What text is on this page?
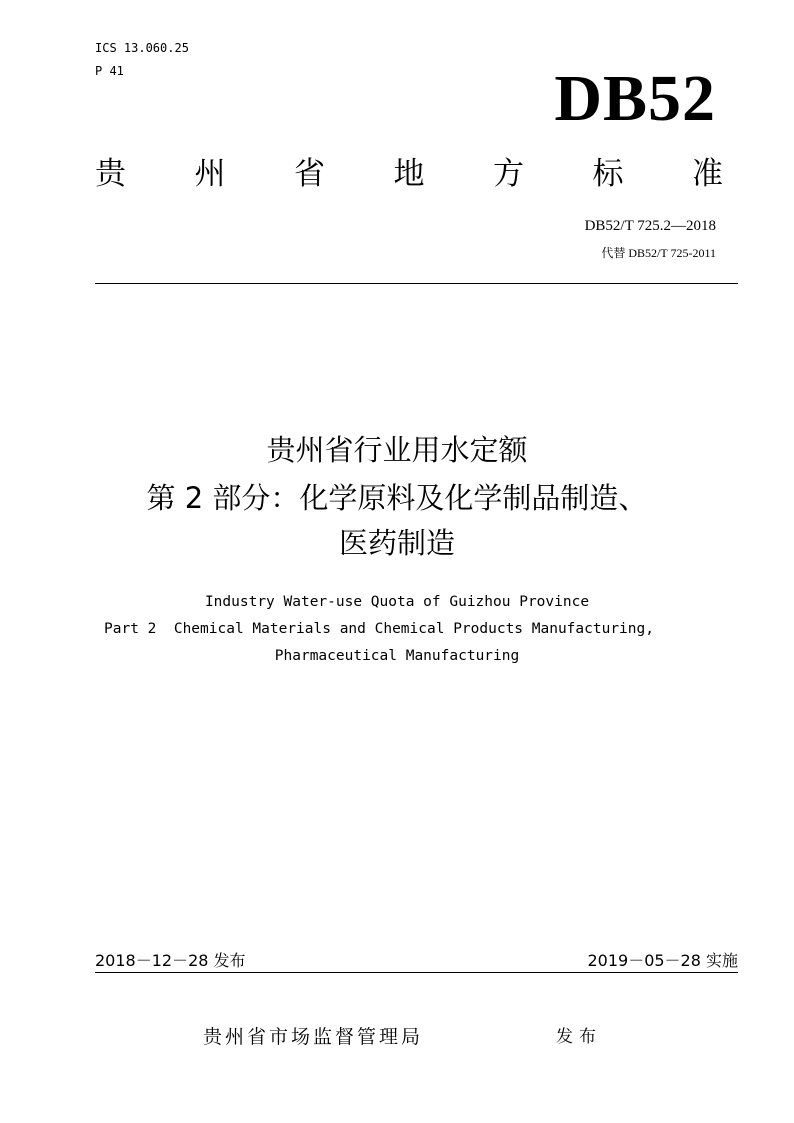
ICS 13.060.25
P 41	DB52
贵 州 省 地 方 标 准
DB52/T 725.2—2018
代替 DB52/T 725-2011
贵州省行业用水定额
第 2 部分：化学原料及化学制品制造、
医药制造
Industry Water-use Quota of Guizhou Province
Part 2  Chemical Materials and Chemical Products Manufacturing,
Pharmaceutical Manufacturing
2018－12－28 发布	2019－05－28 实施
贵州省市场监督管理局	发布
